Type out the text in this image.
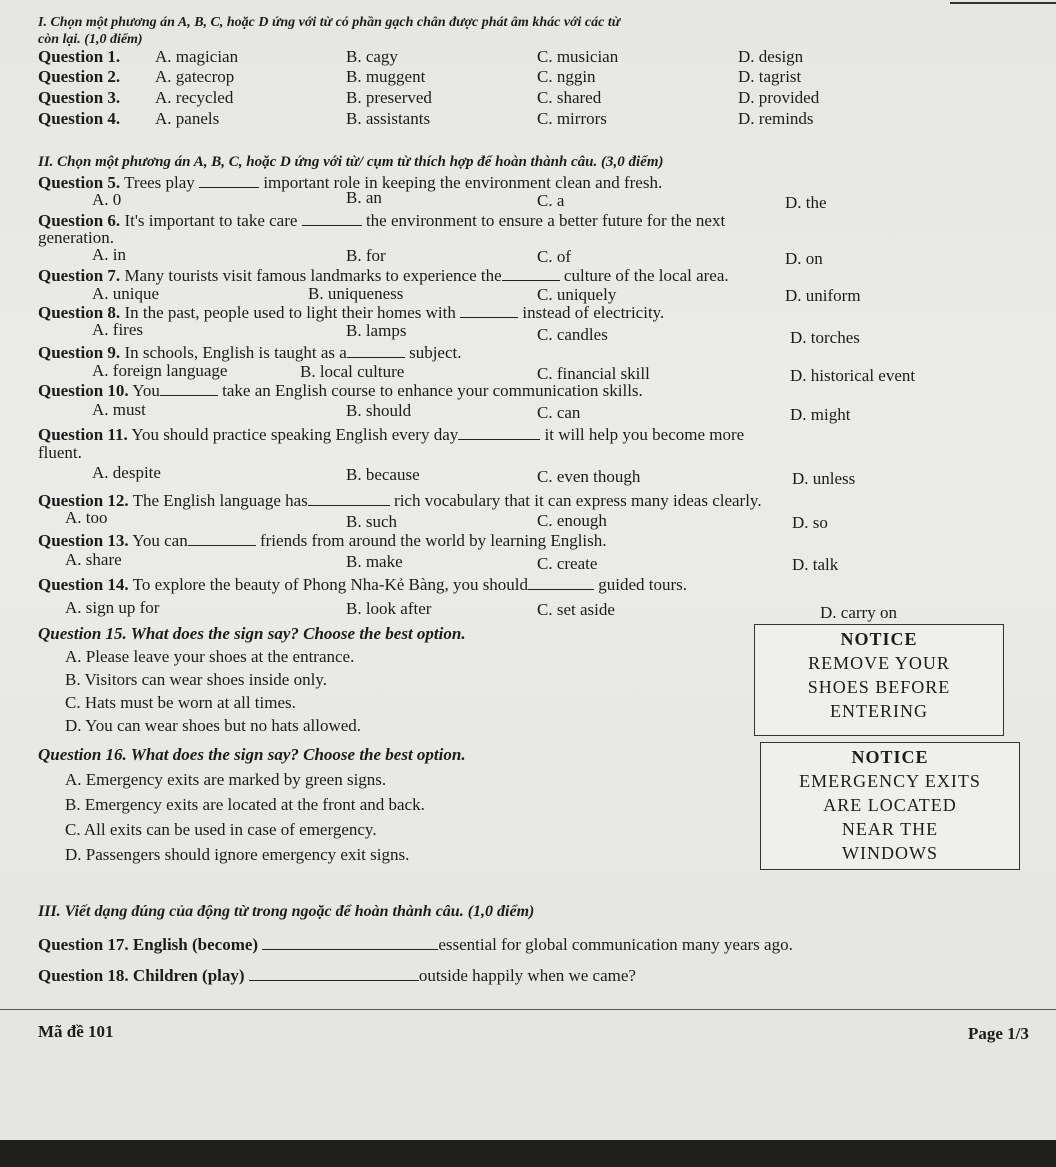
I. Chọn một phương án A, B, C, hoặc D ứng với từ có phần gạch chân được phát âm khác với các từ
còn lại. (1,0 điểm)
Question 1. A. magician	B. cagy	C. musician	D. design
Question 2. A. gatecrop	B. muggent	C. nggin	D. tagrist
Question 3. A. recycled	B. preserved	C. shared	D. provided
Question 4. A. panels	B. assistants	C. mirrors	D. reminds
II. Chọn một phương án A, B, C, hoặc D ứng với từ/ cụm từ thích hợp để hoàn thành câu. (3,0 điểm)
Question 5. Trees play	important role in keeping the environment clean and fresh.
A. 0	B. an	C. a	D. the
Question 6. It's important to take care	the environment to ensure a better future for the next
generation.
A. in	B. for	C. of	D. on
Question 7. Many tourists visit famous landmarks to experience the	culture of the local area.
A. unique	B. uniqueness	C. uniquely	D. uniform
Question 8. In the past, people used to light their homes with	instead of electricity.
A. fires	B. lamps	C. candles	D. torches
Question 9. In schools, English is taught as a	subject.
A. foreign language	B. local culture	C. financial skill	D. historical event
Question 10. You	take an English course to enhance your communication skills.
A. must	B. should	C. can	D. might
Question 11. You should practice speaking English every day	it will help you become more
fluent.
A. despite	B. because	C. even though	D. unless
Question 12. The English language has	rich vocabulary that it can express many ideas clearly.
A. too	B. such	C. enough	D. so
Question 13. You can	friends from around the world by learning English.
A. share	B. make	C. create	D. talk
Question 14. To explore the beauty of Phong Nha-Kẻ Bàng, you should	guided tours.
A. sign up for	B. look after	C. set aside	D. carry on
Question 15. What does the sign say? Choose the best option.
A. Please leave your shoes at the entrance.
B. Visitors can wear shoes inside only.
C. Hats must be worn at all times.
D. You can wear shoes but no hats allowed.
NOTICE
REMOVE YOUR
SHOES BEFORE
ENTERING
Question 16. What does the sign say? Choose the best option.
A. Emergency exits are marked by green signs.
B. Emergency exits are located at the front and back.
C. All exits can be used in case of emergency.
D. Passengers should ignore emergency exit signs.
NOTICE
EMERGENCY EXITS
ARE LOCATED
NEAR THE
WINDOWS
III. Viết dạng đúng của động từ trong ngoặc để hoàn thành câu. (1,0 điểm)
Question 17. English (become)	essential for global communication many years ago.
Question 18. Children (play)	outside happily when we came?
Mã đề 101	Page 1/3
